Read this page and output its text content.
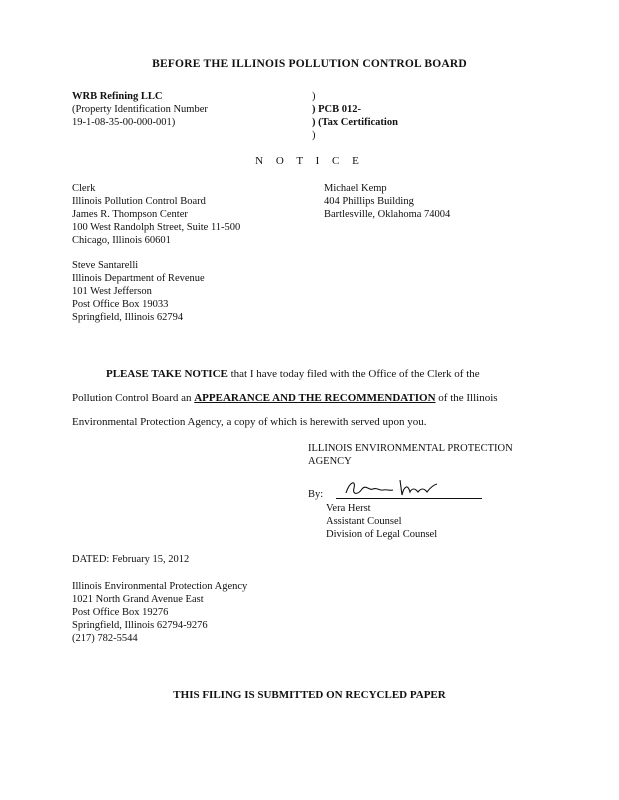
BEFORE THE ILLINOIS POLLUTION CONTROL BOARD
WRB Refining LLC
(Property Identification Number
19-1-08-35-00-000-001)
)
) PCB 012-
) (Tax Certification
)
N O T I C E
Clerk
Illinois Pollution Control Board
James R. Thompson Center
100 West Randolph Street, Suite 11-500
Chicago, Illinois 60601
Michael Kemp
404 Phillips Building
Bartlesville, Oklahoma 74004
Steve Santarelli
Illinois Department of Revenue
101 West Jefferson
Post Office Box 19033
Springfield, Illinois 62794

PLEASE TAKE NOTICE that I have today filed with the Office of the Clerk of the

Pollution Control Board an APPEARANCE AND THE RECOMMENDATION of the Illinois

Environmental Protection Agency, a copy of which is herewith served upon you.

ILLINOIS ENVIRONMENTAL PROTECTION
AGENCY
By:
Vera Herst
Assistant Counsel
Division of Legal Counsel
DATED: February 15, 2012
Illinois Environmental Protection Agency
1021 North Grand Avenue East
Post Office Box 19276
Springfield, Illinois 62794-9276
(217) 782-5544
THIS FILING IS SUBMITTED ON RECYCLED PAPER
